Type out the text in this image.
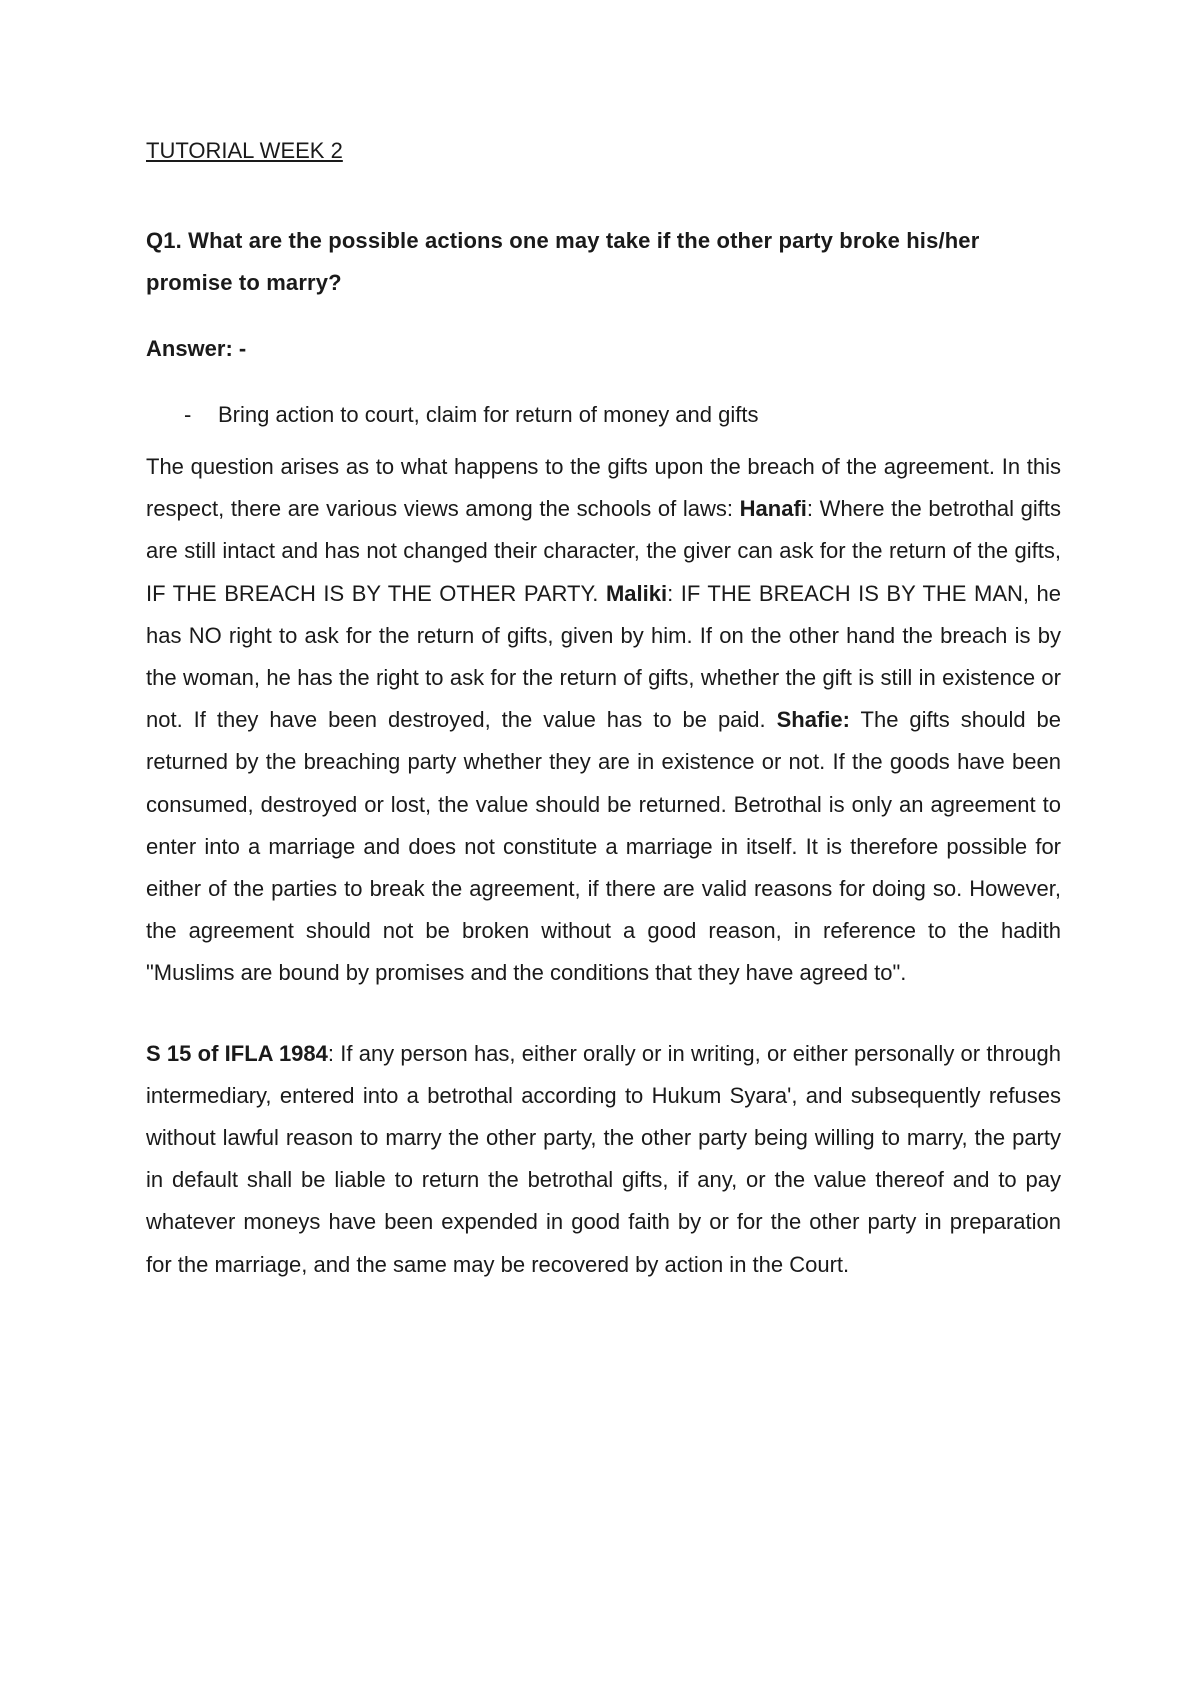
TUTORIAL WEEK 2

Q1. What are the possible actions one may take if the other party broke his/her promise to marry?

Answer: -

-	Bring action to court, claim for return of money and gifts

The question arises as to what happens to the gifts upon the breach of the agreement. In this respect, there are various views among the schools of laws: Hanafi: Where the betrothal gifts are still intact and has not changed their character, the giver can ask for the return of the gifts, IF THE BREACH IS BY THE OTHER PARTY. Maliki: IF THE BREACH IS BY THE MAN, he has NO right to ask for the return of gifts, given by him. If on the other hand the breach is by the woman, he has the right to ask for the return of gifts, whether the gift is still in existence or not. If they have been destroyed, the value has to be paid. Shafie: The gifts should be returned by the breaching party whether they are in existence or not. If the goods have been consumed, destroyed or lost, the value should be returned. Betrothal is only an agreement to enter into a marriage and does not constitute a marriage in itself. It is therefore possible for either of the parties to break the agreement, if there are valid reasons for doing so. However, the agreement should not be broken without a good reason, in reference to the hadith "Muslims are bound by promises and the conditions that they have agreed to".

S 15 of IFLA 1984: If any person has, either orally or in writing, or either personally or through intermediary, entered into a betrothal according to Hukum Syara', and subsequently refuses without lawful reason to marry the other party, the other party being willing to marry, the party in default shall be liable to return the betrothal gifts, if any, or the value thereof and to pay whatever moneys have been expended in good faith by or for the other party in preparation for the marriage, and the same may be recovered by action in the Court.
